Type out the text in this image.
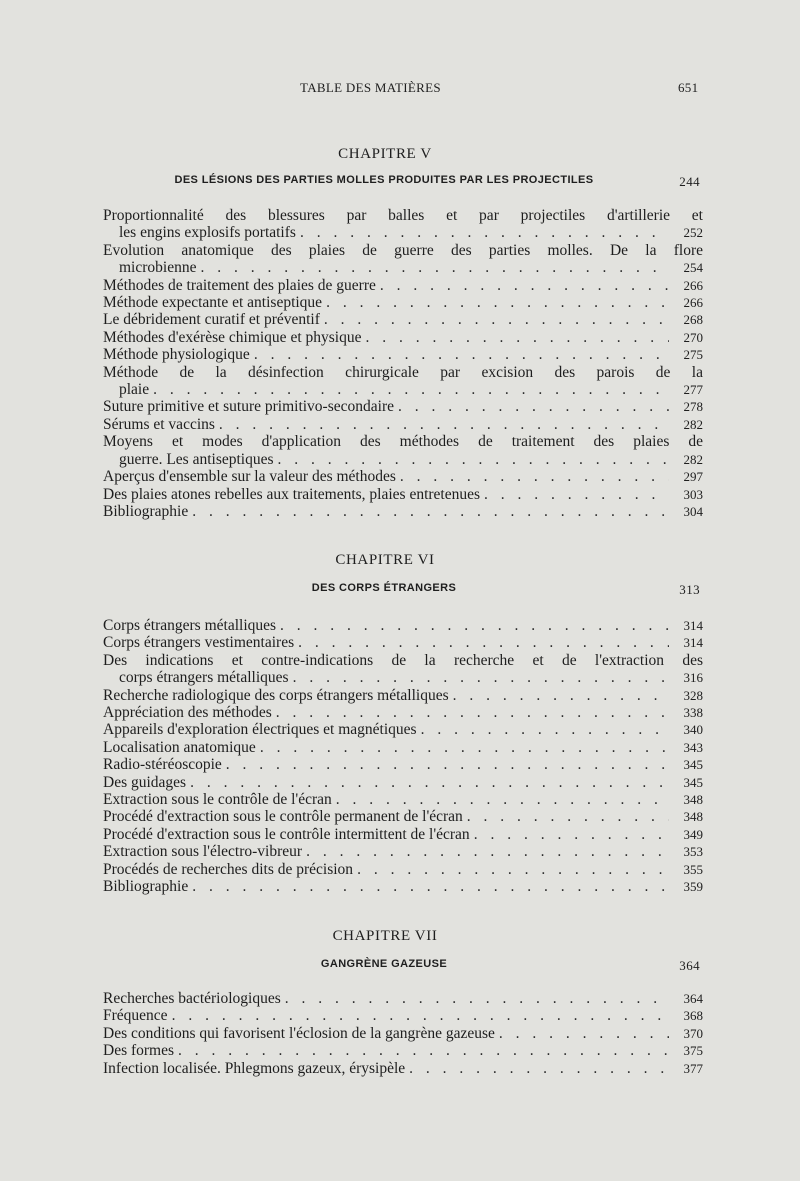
TABLE DES MATIÈRES	651
CHAPITRE V
DES LÉSIONS DES PARTIES MOLLES PRODUITES PAR LES PROJECTILES	244
Proportionnalité des blessures par balles et par projectiles d'artillerie et
les engins explosifs portatifs . . .	252
Evolution anatomique des plaies de guerre des parties molles. De la flore
microbienne . . .	254
Méthodes de traitement des plaies de guerre . . .	266
Méthode expectante et antiseptique . . .	266
Le débridement curatif et préventif . . .	268
Méthodes d'exérèse chimique et physique . . .	270
Méthode physiologique . . .	275
Méthode de la désinfection chirurgicale par excision des parois de la
plaie . . .	277
Suture primitive et suture primitivo-secondaire . . .	278
Sérums et vaccins . . .	282
Moyens et modes d'application des méthodes de traitement des plaies de
guerre. Les antiseptiques . . .	282
Aperçus d'ensemble sur la valeur des méthodes . . .	297
Des plaies atones rebelles aux traitements, plaies entretenues . . .	303
Bibliographie . . .	304
CHAPITRE VI
DES CORPS ÉTRANGERS	313
Corps étrangers métalliques . . .	314
Corps étrangers vestimentaires . . .	314
Des indications et contre-indications de la recherche et de l'extraction des
corps étrangers métalliques . . .	316
Recherche radiologique des corps étrangers métalliques . . .	328
Appréciation des méthodes . . .	338
Appareils d'exploration électriques et magnétiques . . .	340
Localisation anatomique . . .	343
Radio-stéréoscopie . . .	345
Des guidages . . .	345
Extraction sous le contrôle de l'écran . . .	348
Procédé d'extraction sous le contrôle permanent de l'écran . . .	348
Procédé d'extraction sous le contrôle intermittent de l'écran . . .	349
Extraction sous l'électro-vibreur . . .	353
Procédés de recherches dits de précision . . .	355
Bibliographie . . .	359
CHAPITRE VII
GANGRÈNE GAZEUSE	364
Recherches bactériologiques . . .	364
Fréquence . . .	368
Des conditions qui favorisent l'éclosion de la gangrène gazeuse . . .	370
Des formes . . .	375
Infection localisée. Phlegmons gazeux, érysipèle . . .	377
